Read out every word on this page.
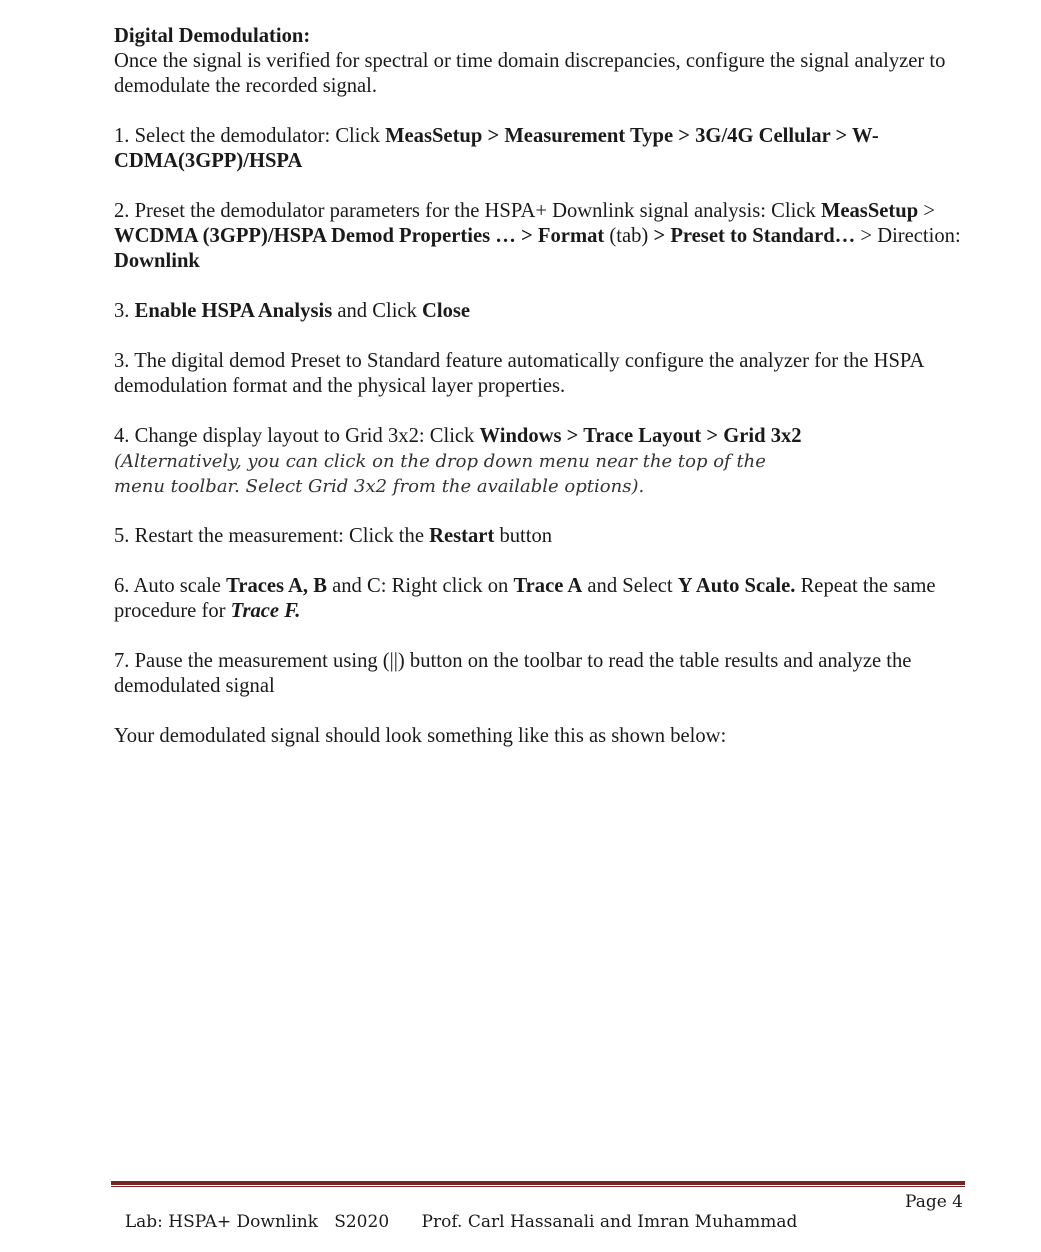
Digital Demodulation:
Once the signal is verified for spectral or time domain discrepancies, configure the signal analyzer to demodulate the recorded signal.
1. Select the demodulator: Click MeasSetup > Measurement Type > 3G/4G Cellular > W-CDMA(3GPP)/HSPA
2. Preset the demodulator parameters for the HSPA+ Downlink signal analysis: Click MeasSetup > WCDMA (3GPP)/HSPA Demod Properties … > Format (tab) > Preset to Standard… > Direction: Downlink
3. Enable HSPA Analysis and Click Close
3. The digital demod Preset to Standard feature automatically configure the analyzer for the HSPA demodulation format and the physical layer properties.
4. Change display layout to Grid 3x2: Click Windows > Trace Layout > Grid 3x2
(Alternatively, you can click on the drop down menu near the top of the
menu toolbar. Select Grid 3x2 from the available options).
5. Restart the measurement: Click the Restart button
6. Auto scale Traces A, B and C: Right click on Trace A and Select Y Auto Scale. Repeat the same procedure for Trace F.
7. Pause the measurement using (||) button on the toolbar to read the table results and analyze the demodulated signal
Your demodulated signal should look something like this as shown below:

Lab: HSPA+ Downlink   S2020      Prof. Carl Hassanali and Imran Muhammad

Page 4
